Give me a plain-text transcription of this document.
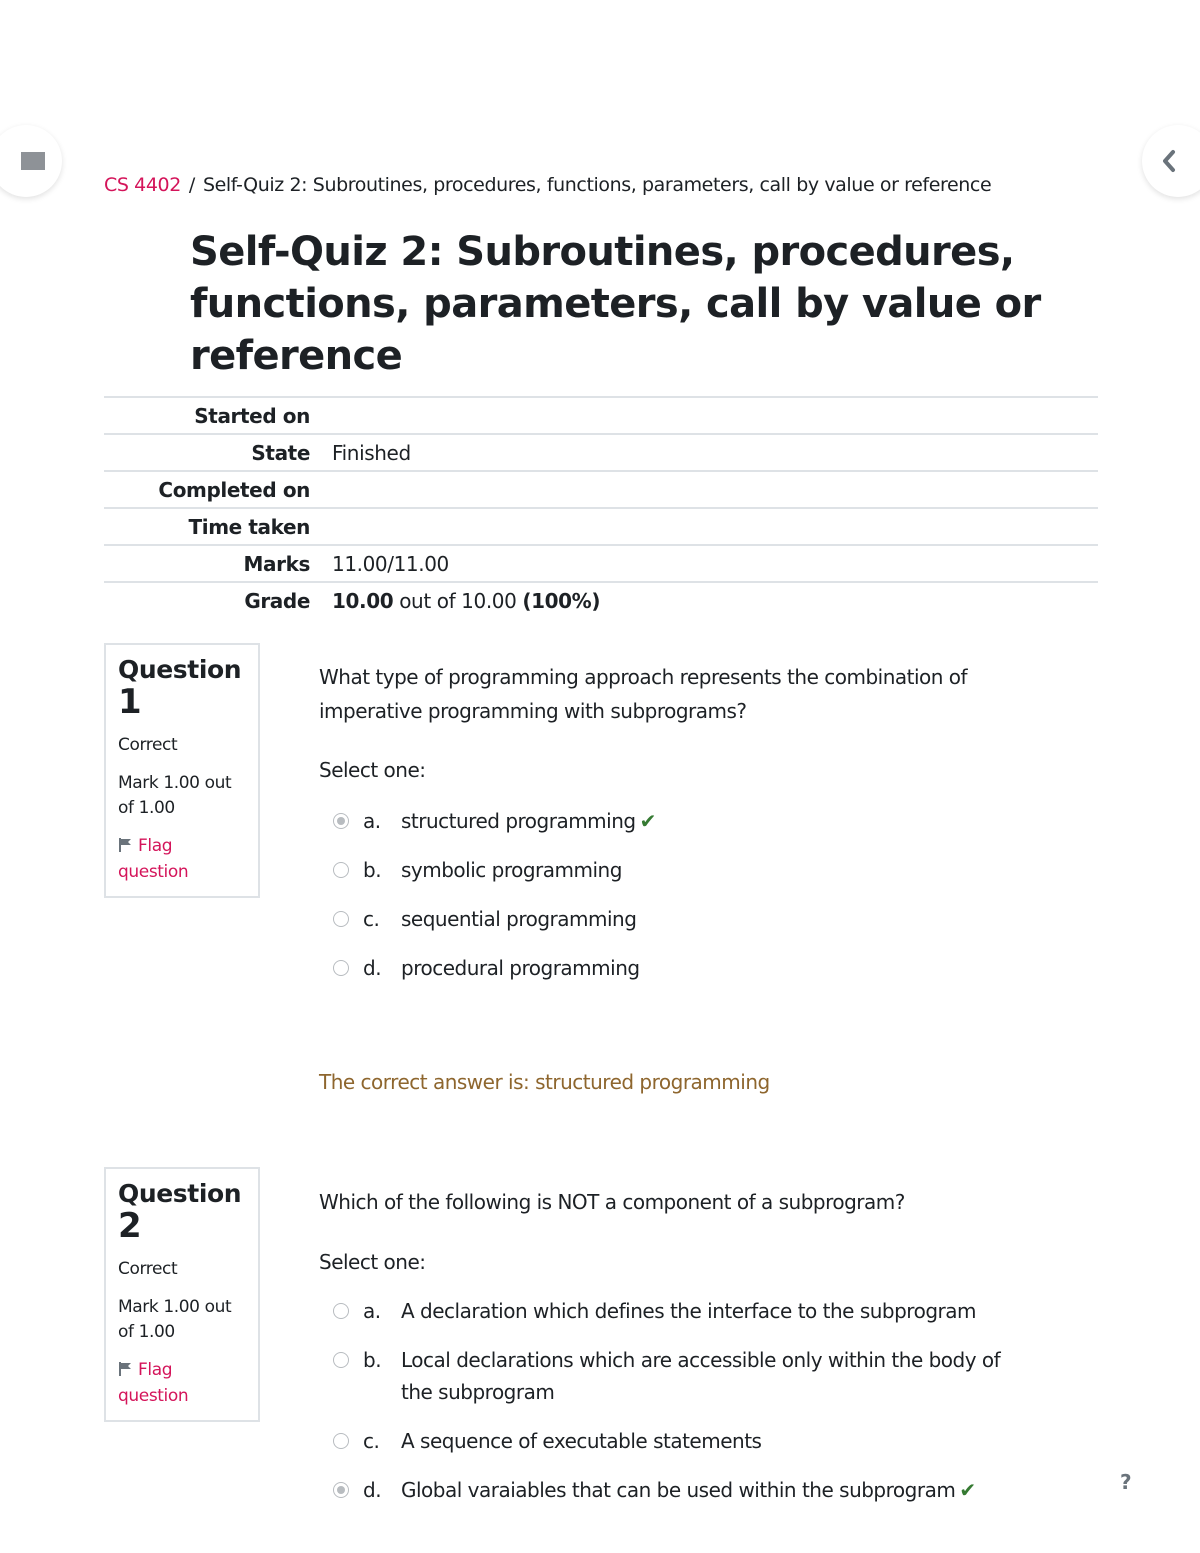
CS 4402 / Self-Quiz 2: Subroutines, procedures, functions, parameters, call by value or reference
Self-Quiz 2: Subroutines, procedures, functions, parameters, call by value or reference
Started on	
State	Finished
Completed on	
Time taken	
Marks	11.00/11.00
Grade	10.00 out of 10.00 (100%)
Question
1
Correct
Mark 1.00 out of 1.00
Flag question
What type of programming approach represents the combination of imperative programming with subprograms?
Select one:
a.	structured programming ✔
b. symbolic programming
c.	sequential programming
d. procedural programming
The correct answer is: structured programming
Question
2
Correct
Mark 1.00 out of 1.00
Flag question
Which of the following is NOT a component of a subprogram?
Select one:
a.	A declaration which defines the interface to the subprogram
b. Local declarations which are accessible only within the body of the subprogram
c.	A sequence of executable statements
d. Global varaiables that can be used within the subprogram ✔	?
